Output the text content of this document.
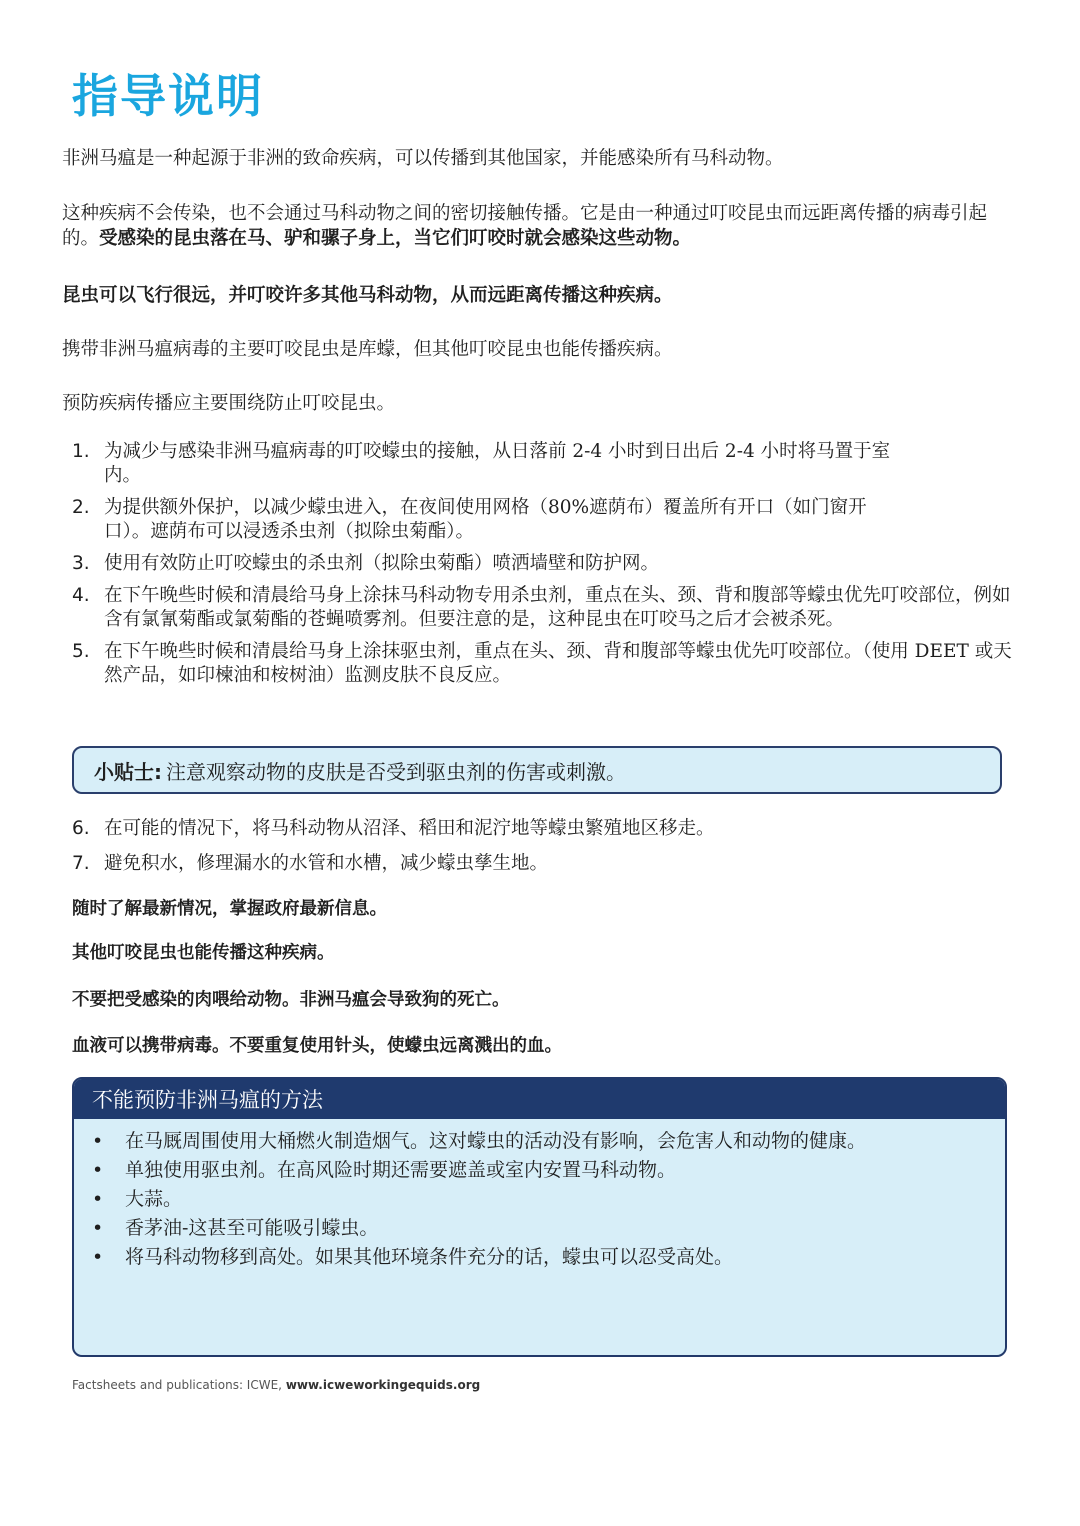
指导说明

非洲马瘟是一种起源于非洲的致命疾病，可以传播到其他国家，并能感染所有马科动物。

这种疾病不会传染，也不会通过马科动物之间的密切接触传播。它是由一种通过叮咬昆虫而远距离传播的病毒引起的。受感染的昆虫落在马、驴和骡子身上，当它们叮咬时就会感染这些动物。

昆虫可以飞行很远，并叮咬许多其他马科动物，从而远距离传播这种疾病。

携带非洲马瘟病毒的主要叮咬昆虫是库蠓，但其他叮咬昆虫也能传播疾病。

预防疾病传播应主要围绕防止叮咬昆虫。

1. 为减少与感染非洲马瘟病毒的叮咬蠓虫的接触，从日落前 2-4 小时到日出后 2-4 小时将马置于室内。
2. 为提供额外保护，以减少蠓虫进入，在夜间使用网格（80%遮荫布）覆盖所有开口（如门窗开口）。遮荫布可以浸透杀虫剂（拟除虫菊酯）。
3. 使用有效防止叮咬蠓虫的杀虫剂（拟除虫菊酯）喷洒墙壁和防护网。
4. 在下午晚些时候和清晨给马身上涂抹马科动物专用杀虫剂，重点在头、颈、背和腹部等蠓虫优先叮咬部位，例如含有氯氰菊酯或氯菊酯的苍蝇喷雾剂。但要注意的是，这种昆虫在叮咬马之后才会被杀死。
5. 在下午晚些时候和清晨给马身上涂抹驱虫剂，重点在头、颈、背和腹部等蠓虫优先叮咬部位。（使用 DEET 或天然产品，如印楝油和桉树油）监测皮肤不良反应。
小贴士: 注意观察动物的皮肤是否受到驱虫剂的伤害或刺激。
6. 在可能的情况下，将马科动物从沼泽、稻田和泥泞地等蠓虫繁殖地区移走。
7. 避免积水，修理漏水的水管和水槽，减少蠓虫孳生地。

随时了解最新情况，掌握政府最新信息。

其他叮咬昆虫也能传播这种疾病。

不要把受感染的肉喂给动物。非洲马瘟会导致狗的死亡。

血液可以携带病毒。不要重复使用针头，使蠓虫远离溅出的血。

不能预防非洲马瘟的方法
•	在马厩周围使用大桶燃火制造烟气。这对蠓虫的活动没有影响，会危害人和动物的健康。
•	单独使用驱虫剂。在高风险时期还需要遮盖或室内安置马科动物。
•	大蒜。
•	香茅油-这甚至可能吸引蠓虫。
•	将马科动物移到高处。如果其他环境条件充分的话，蠓虫可以忍受高处。
Factsheets and publications: ICWE, www.icweworkingequids.org
